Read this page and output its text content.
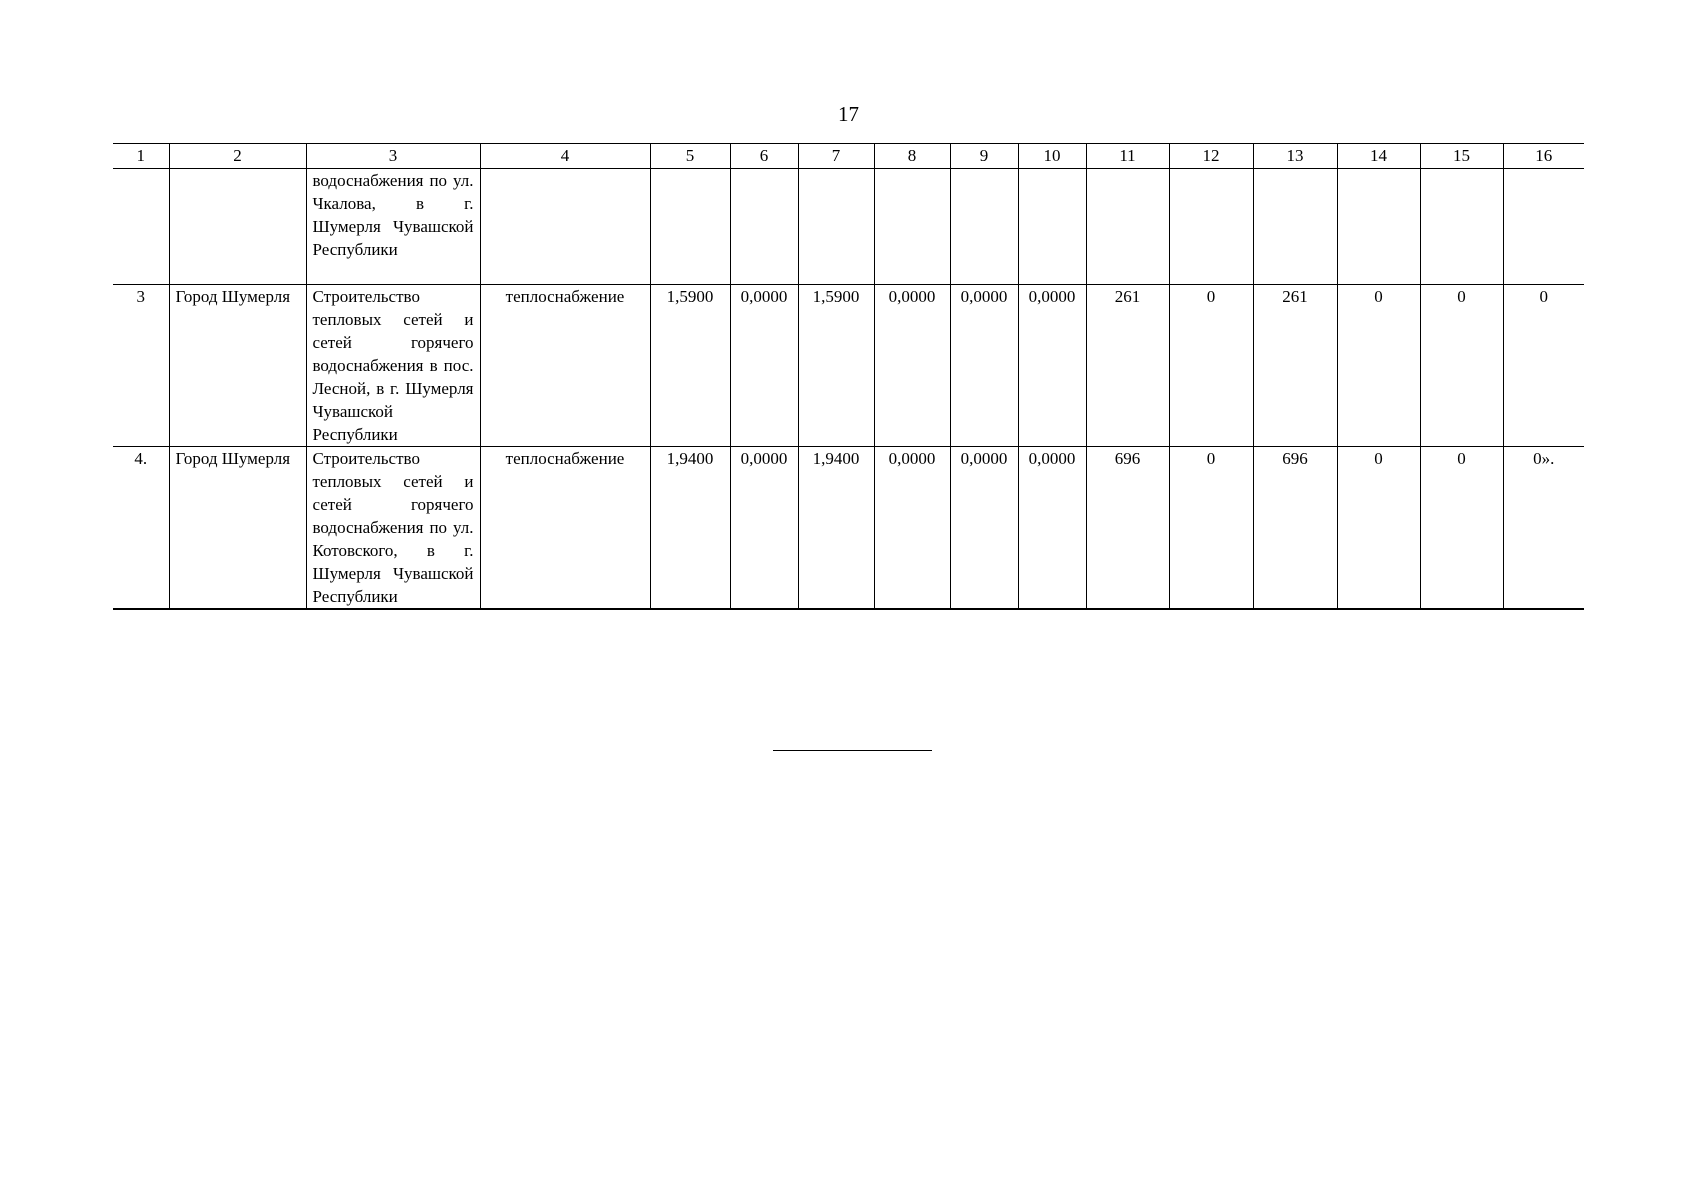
17
1	2	3	4	5	6	7	8	9	10	11	12	13	14	15	16
		водоснабжения по ул. Чкалова, в г. Шумерля Чувашской Республики													
3	Город Шумерля	Строительство тепловых сетей и сетей горячего водоснабжения в пос. Лесной, в г. Шумерля Чувашской Республики	теплоснабжение	1,5900	0,0000	1,5900	0,0000	0,0000	0,0000	261	0	261	0	0	0
4.	Город Шумерля	Строительство тепловых сетей и сетей горячего водоснабжения по ул. Котовского, в г. Шумерля Чувашской Республики	теплоснабжение	1,9400	0,0000	1,9400	0,0000	0,0000	0,0000	696	0	696	0	0	0».
